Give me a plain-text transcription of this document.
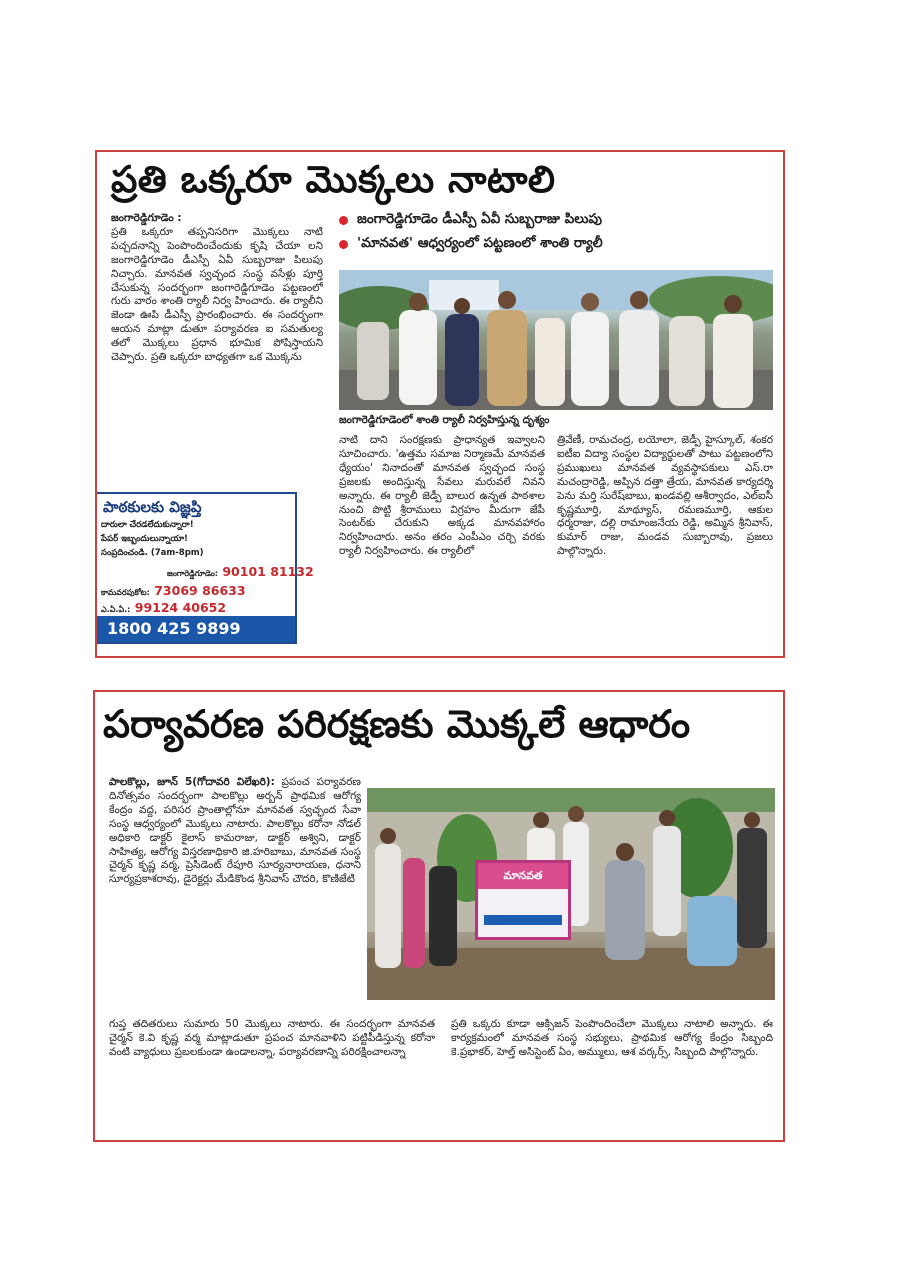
ప్రతి ఒక్కరూ మొక్కలు నాటాలి
జంగారెడ్డిగూడెం :
ప్రతి ఒక్కరూ తప్పనిసరిగా మొక్కలు నాటి పచ్చదనాన్ని పెంపొందించేందుకు కృషి చేయా లని జంగారెడ్డిగూడెం డీఎస్పీ ఏవీ సుబ్బరాజు పిలుపు నిచ్చారు. మానవత స్వచ్ఛంద సంస్థ వసేళ్లు పూర్తి చేసుకున్న సందర్భంగా జంగారెడ్డిగూడెం పట్టణంలో గురు వారం శాంతి ర్యాలీ నిర్వ హించారు. ఈ ర్యాలీని జెండా ఊపి డీఎస్పీ ప్రారంభించారు. ఈ సందర్భంగా ఆయన మాట్లా డుతూ పర్యావరణ ఐ సమతుల్య తలో మొక్కలు ప్రధాన భూమిక పోషిస్తాయని చెప్పారు. ప్రతి ఒక్కరూ బాధ్యతగా ఒక మొక్కను
జంగారెడ్డిగూడెం డీఎస్పీ ఏవీ సుబ్బరాజు పిలుపు
'మానవత' ఆధ్వర్యంలో పట్టణంలో శాంతి ర్యాలీ
జంగారెడ్డిగూడెంలో శాంతి ర్యాలీ నిర్వహిస్తున్న దృశ్యం
నాటి దాని సంరక్షణకు ప్రాధాన్యత ఇవ్వాలని సూచించారు. 'ఉత్తమ సమాజ నిర్మాణమే మానవత ధ్యేయం' నినాదంతో మానవత స్వచ్ఛంద సంస్థ ప్రజలకు అందిస్తున్న సేవలు మరువలే నివని అన్నారు. ఈ ర్యాలీ జెడ్పీ బాలుర ఉన్నత పాఠశాల నుంచి పొట్టి శ్రీరాములు విగ్రహం మీదుగా జేపీ సెంటర్‌కు చేరుకుని అక్కడ మానవహారం నిర్వహించారు. అనం తరం ఎంపీఎం చర్చి వరకు ర్యాలీ నిర్వహించారు. ఈ ర్యాలీలో
త్రివేణీ, రామచంద్ర, లయోలా, జెడ్పీ హైస్కూల్, శంకర ఐటీఐ విద్యా సంస్థల విద్యార్థులతో పాటు పట్టణంలోని ప్రముఖులు మానవత వ్యవస్థాపకులు ఎస్.రా మచంద్రారెడ్డి, అప్పిన దత్తా త్రేయ, మానవత కార్యదర్శి పెను మర్తి సురేష్‌బాబు, ఖండవల్లి ఆశీర్వాదం, ఎల్ఐసీ కృష్ణమూర్తి, మాథ్యూస్, రమణమూర్తి, ఆకుల ధర్మరాజు, దల్లి రామాంజనేయ రెడ్డి, అమ్మిన శ్రీనివాస్, కుమార్ రాజు, మండవ సుబ్బారావు, ప్రజలు పాల్గొన్నారు.
పాఠకులకు విజ్ఞప్తి
దారులా చేరడలేదుకున్నారా!
పేపర్ ఇబ్బందులున్నాయా!
సంప్రదించండి. (7am-8pm)
జంగారెడ్డిగూడెం: 90101 81132
కామవరపుకోట: 73069 86633
ఎ.ఏ.ఏ.: 99124 40652
1800 425 9899
పర్యావరణ పరిరక్షణకు మొక్కలే ఆధారం
పాలకొల్లు, జూన్ 5(గోదావరి విలేఖరి): ప్రపంచ పర్యావరణ దినోత్సవం సందర్భంగా పాలకొల్లు అర్బన్ ప్రాథమిక ఆరోగ్య కేంద్రం వద్ద, పరిసర ప్రాంతాల్లోనూ మానవత స్వచ్ఛంద సేవా సంస్థ ఆధ్వర్యంలో మొక్కలు నాటారు. పాలకొల్లు కరోనా నోడల్ అధికారి డాక్టర్ కైలాస్ కామరాజు, డాక్టర్ అశ్విని, డాక్టర్ సాహిత్య, ఆరోగ్య విస్తరణాధికారి జి.హరిబాబు, మానవత సంస్థ చైర్మన్ కృష్ణ వర్మ, ప్రెసిడెంట్ రేపూరి సూర్యనారాయణ, ధనాని సూర్యప్రకాశరావు, డైరెక్టర్లు మేడికొండ శ్రీనివాస్ చౌదరి, కొణిజేటి	మానవత
గుప్త తదితరులు సుమారు 50 మొక్కలు నాటారు. ఈ సందర్భంగా మానవత చైర్మన్ కె.వి కృష్ణ వర్మ మాట్లాడుతూ ప్రపంచ మానవాళిని పట్టిపీడిస్తున్న కరోనా వంటి వ్యాధులు ప్రబలకుండా ఉండాలన్నా, పర్యావరణాన్ని పరిరక్షించాలన్నా
ప్రతి ఒక్కరు కూడా ఆక్సిజన్ పెంపొందించేలా మొక్కలు నాటాలి అన్నారు. ఈ కార్యక్రమంలో మానవత సంస్థ సభ్యులు, ప్రాథమిక ఆరోగ్య కేంద్రం సిబ్బంది కె.ప్రభాకర్, హెల్త్ అసిస్టెంట్ ఏం, అమ్ములు, ఆశ వర్కర్స్, సిబ్బంది పాల్గొన్నారు.
